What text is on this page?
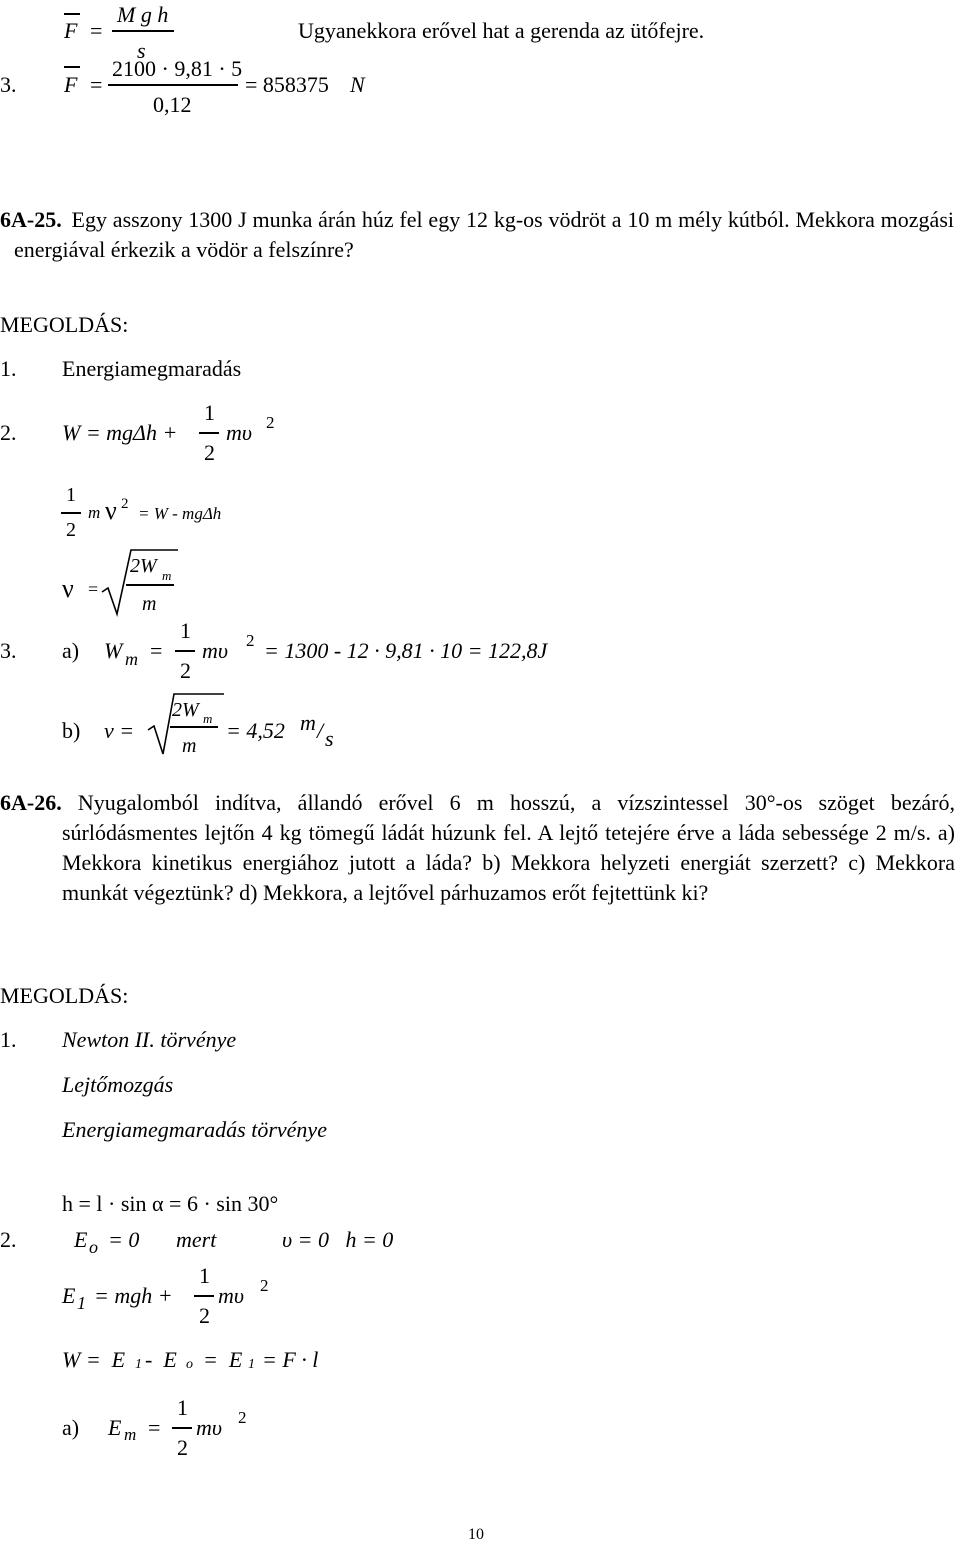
F =
M g h
s
Ugyanekkora erővel hat a gerenda az ütőfejre.
3. F =
2100 · 9,81 · 5
0,12
= 858375 N
6A-25. Egy asszony 1300 J munka árán húz fel egy 12 kg-os vödröt a 10 m mély kútból. Mekkora mozgási energiával érkezik a vödör a felszínre?
MEGOLDÁS:
1. Energiamegmaradás
2. W = mgΔh +
1
2
mυ 2
1
2
m ν 2 = W - mgΔh
ν =
2W m
m
3. a) W m =
1
2
mυ 2 = 1300 - 12 · 9,81 · 10 = 122,8J
b) v =
2W m
m
= 4,52 m / s
6A-26. Nyugalomból indítva, állandó erővel 6 m hosszú, a vízszintessel 30°-os szöget bezáró, súrlódásmentes lejtőn 4 kg tömegű ládát húzunk fel. A lejtő tetejére érve a láda sebessége 2 m/s. a) Mekkora kinetikus energiához jutott a láda? b) Mekkora helyzeti energiát szerzett? c) Mekkora munkát végeztünk? d) Mekkora, a lejtővel párhuzamos erőt fejtettünk ki?
MEGOLDÁS:
1. Newton II. törvénye
Lejtőmozgás
Energiamegmaradás törvénye
h = l · sin α = 6 · sin 30°
2.	E o = 0 mert	υ = 0   h = 0
E 1 = mgh +
1
2
mυ 2
W =  E 1 -  E o =  E 1 = F · l
a) E m =
1
2
mυ 2
10
